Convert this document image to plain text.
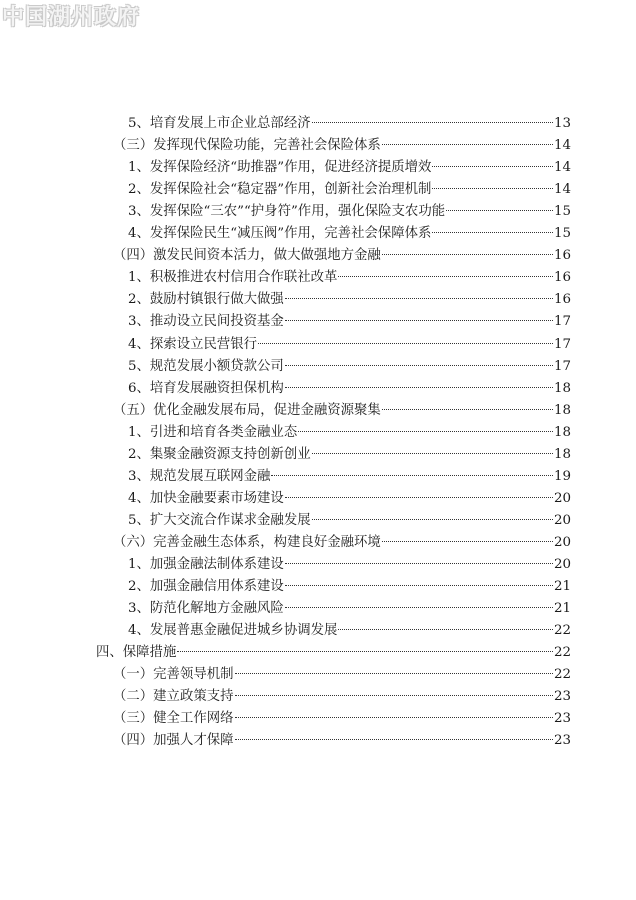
中国湖州政府
5、培育发展上市企业总部经济	13
（三）发挥现代保险功能，完善社会保险体系	14
1、发挥保险经济“助推器”作用，促进经济提质增效	14
2、发挥保险社会“稳定器”作用，创新社会治理机制	14
3、发挥保险“三农”“护身符”作用，强化保险支农功能	15
4、发挥保险民生“减压阀”作用，完善社会保障体系	15
（四）激发民间资本活力，做大做强地方金融	16
1、积极推进农村信用合作联社改革	16
2、鼓励村镇银行做大做强	16
3、推动设立民间投资基金	17
4、探索设立民营银行	17
5、规范发展小额贷款公司	17
6、培育发展融资担保机构	18
（五）优化金融发展布局，促进金融资源聚集	18
1、引进和培育各类金融业态	18
2、集聚金融资源支持创新创业	18
3、规范发展互联网金融	19
4、加快金融要素市场建设	20
5、扩大交流合作谋求金融发展	20
（六）完善金融生态体系，构建良好金融环境	20
1、加强金融法制体系建设	20
2、加强金融信用体系建设	21
3、防范化解地方金融风险	21
4、发展普惠金融促进城乡协调发展	22
四、保障措施	22
（一）完善领导机制	22
（二）建立政策支持	23
（三）健全工作网络	23
（四）加强人才保障	23
